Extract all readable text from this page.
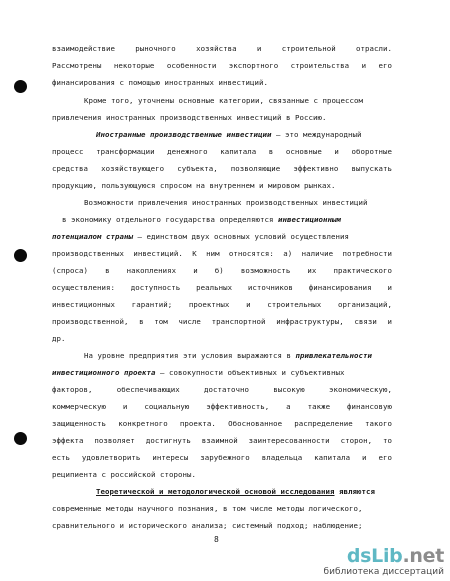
взаимодействие рыночного хозяйства и строительной отрасли.
Рассмотрены некоторые особенности экспортного строительства и его
финансирования с помощью иностранных инвестиций.
Кроме того, уточнены основные категории, связанные с процессом
привлечения иностранных производственных инвестиций в Россию.
Иностранные производственные инвестиции – это международный
процесс трансформации денежного капитала в основные и оборотные
средства хозяйствующего субъекта, позволяющие эффективно выпускать
продукцию, пользующуюся спросом на внутреннем и мировом рынках.
Возможности привлечения иностранных производственных инвестиций
в экономику отдельного государства определяются инвестиционным
потенциалом страны – единством двух основных условий осуществления
производственных инвестиций. К ним относятся: а) наличие потребности
(спроса) в накоплениях и б) возможность их практического
осуществления: доступность реальных источников финансирования и
инвестиционных гарантий; проектных и строительных организаций,
производственной, в том числе транспортной инфраструктуры, связи и
др.
На уровне предприятия эти условия выражаются в привлекательности
инвестиционного проекта – совокупности объективных и субъективных
факторов, обеспечивающих достаточно высокую экономическую,
коммерческую и социальную эффективность, а также финансовую
защищенность конкретного проекта. Обоснованное распределение такого
эффекта позволяет достигнуть взаимной заинтересованности сторон, то
есть удовлетворить интересы зарубежного владельца капитала и его
реципиента с российской стороны.
Теоретической и методологической основой исследования являются
современные методы научного познания, в том числе методы логического,
сравнительного и исторического анализа; системный подход; наблюдение;
8
dsLib.net
библиотека диссертаций
